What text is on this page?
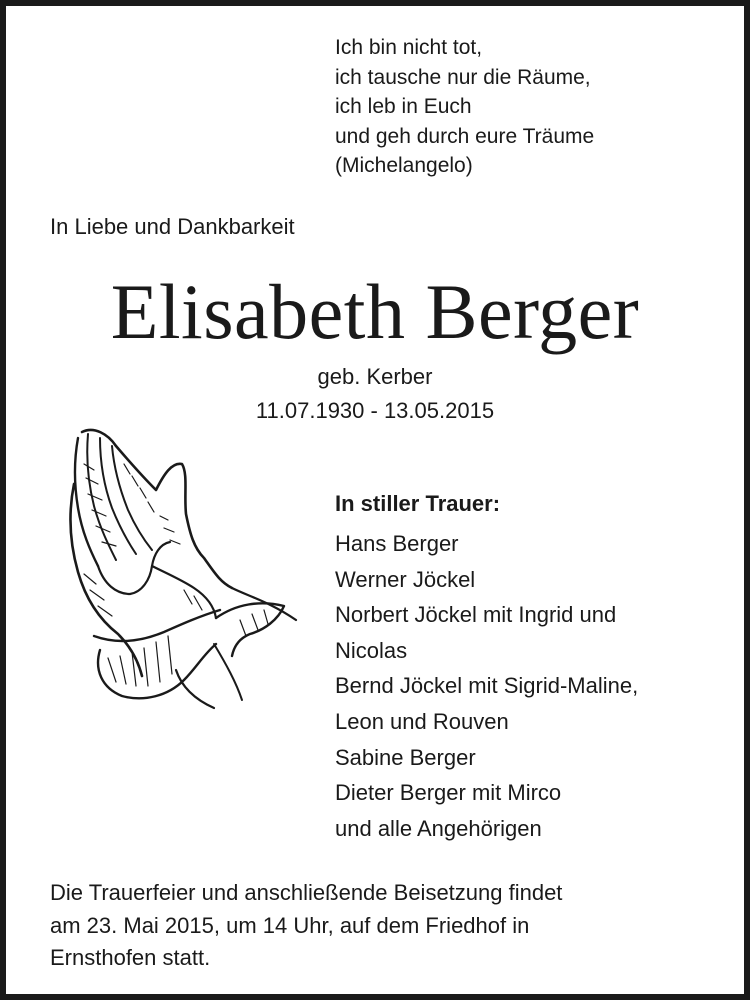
Ich bin nicht tot,
ich tausche nur die Räume,
ich leb in Euch
und geh durch eure Träume
(Michelangelo)
In Liebe und Dankbarkeit
Elisabeth Berger
geb. Kerber
11.07.1930 - 13.05.2015
In stiller Trauer:
Hans Berger
Werner Jöckel
Norbert Jöckel mit Ingrid und
Nicolas
Bernd Jöckel mit Sigrid-Maline,
Leon und Rouven
Sabine Berger
Dieter Berger mit Mirco
und alle Angehörigen
Die Trauerfeier und anschließende Beisetzung findet
am 23. Mai 2015, um 14 Uhr, auf dem Friedhof in
Ernsthofen statt.
